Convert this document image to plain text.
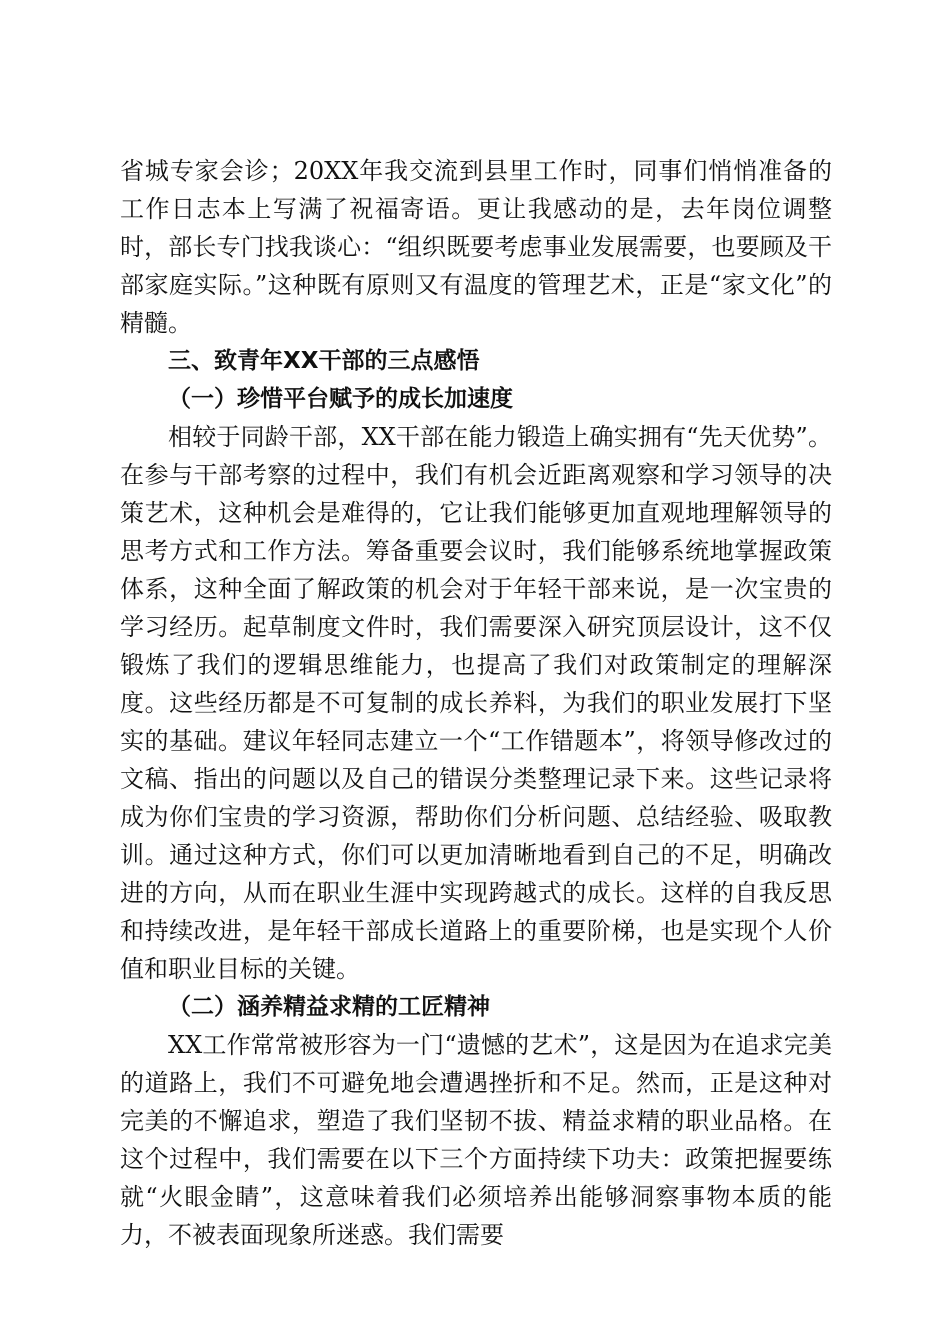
省城专家会诊；20XX年我交流到县里工作时，同事们悄悄准备的工作日志本上写满了祝福寄语。更让我感动的是，去年岗位调整时，部长专门找我谈心：“组织既要考虑事业发展需要，也要顾及干部家庭实际。”这种既有原则又有温度的管理艺术，正是“家文化”的精髓。

三、致青年XX干部的三点感悟

（一）珍惜平台赋予的成长加速度

相较于同龄干部，XX干部在能力锻造上确实拥有“先天优势”。在参与干部考察的过程中，我们有机会近距离观察和学习领导的决策艺术，这种机会是难得的，它让我们能够更加直观地理解领导的思考方式和工作方法。筹备重要会议时，我们能够系统地掌握政策体系，这种全面了解政策的机会对于年轻干部来说，是一次宝贵的学习经历。起草制度文件时，我们需要深入研究顶层设计，这不仅锻炼了我们的逻辑思维能力，也提高了我们对政策制定的理解深度。这些经历都是不可复制的成长养料，为我们的职业发展打下坚实的基础。建议年轻同志建立一个“工作错题本”，将领导修改过的文稿、指出的问题以及自己的错误分类整理记录下来。这些记录将成为你们宝贵的学习资源，帮助你们分析问题、总结经验、吸取教训。通过这种方式，你们可以更加清晰地看到自己的不足，明确改进的方向，从而在职业生涯中实现跨越式的成长。这样的自我反思和持续改进，是年轻干部成长道路上的重要阶梯，也是实现个人价值和职业目标的关键。

（二）涵养精益求精的工匠精神

XX工作常常被形容为一门“遗憾的艺术”，这是因为在追求完美的道路上，我们不可避免地会遭遇挫折和不足。然而，正是这种对完美的不懈追求，塑造了我们坚韧不拔、精益求精的职业品格。在这个过程中，我们需要在以下三个方面持续下功夫：政策把握要练就“火眼金睛”，这意味着我们必须培养出能够洞察事物本质的能力，不被表面现象所迷惑。我们需要
